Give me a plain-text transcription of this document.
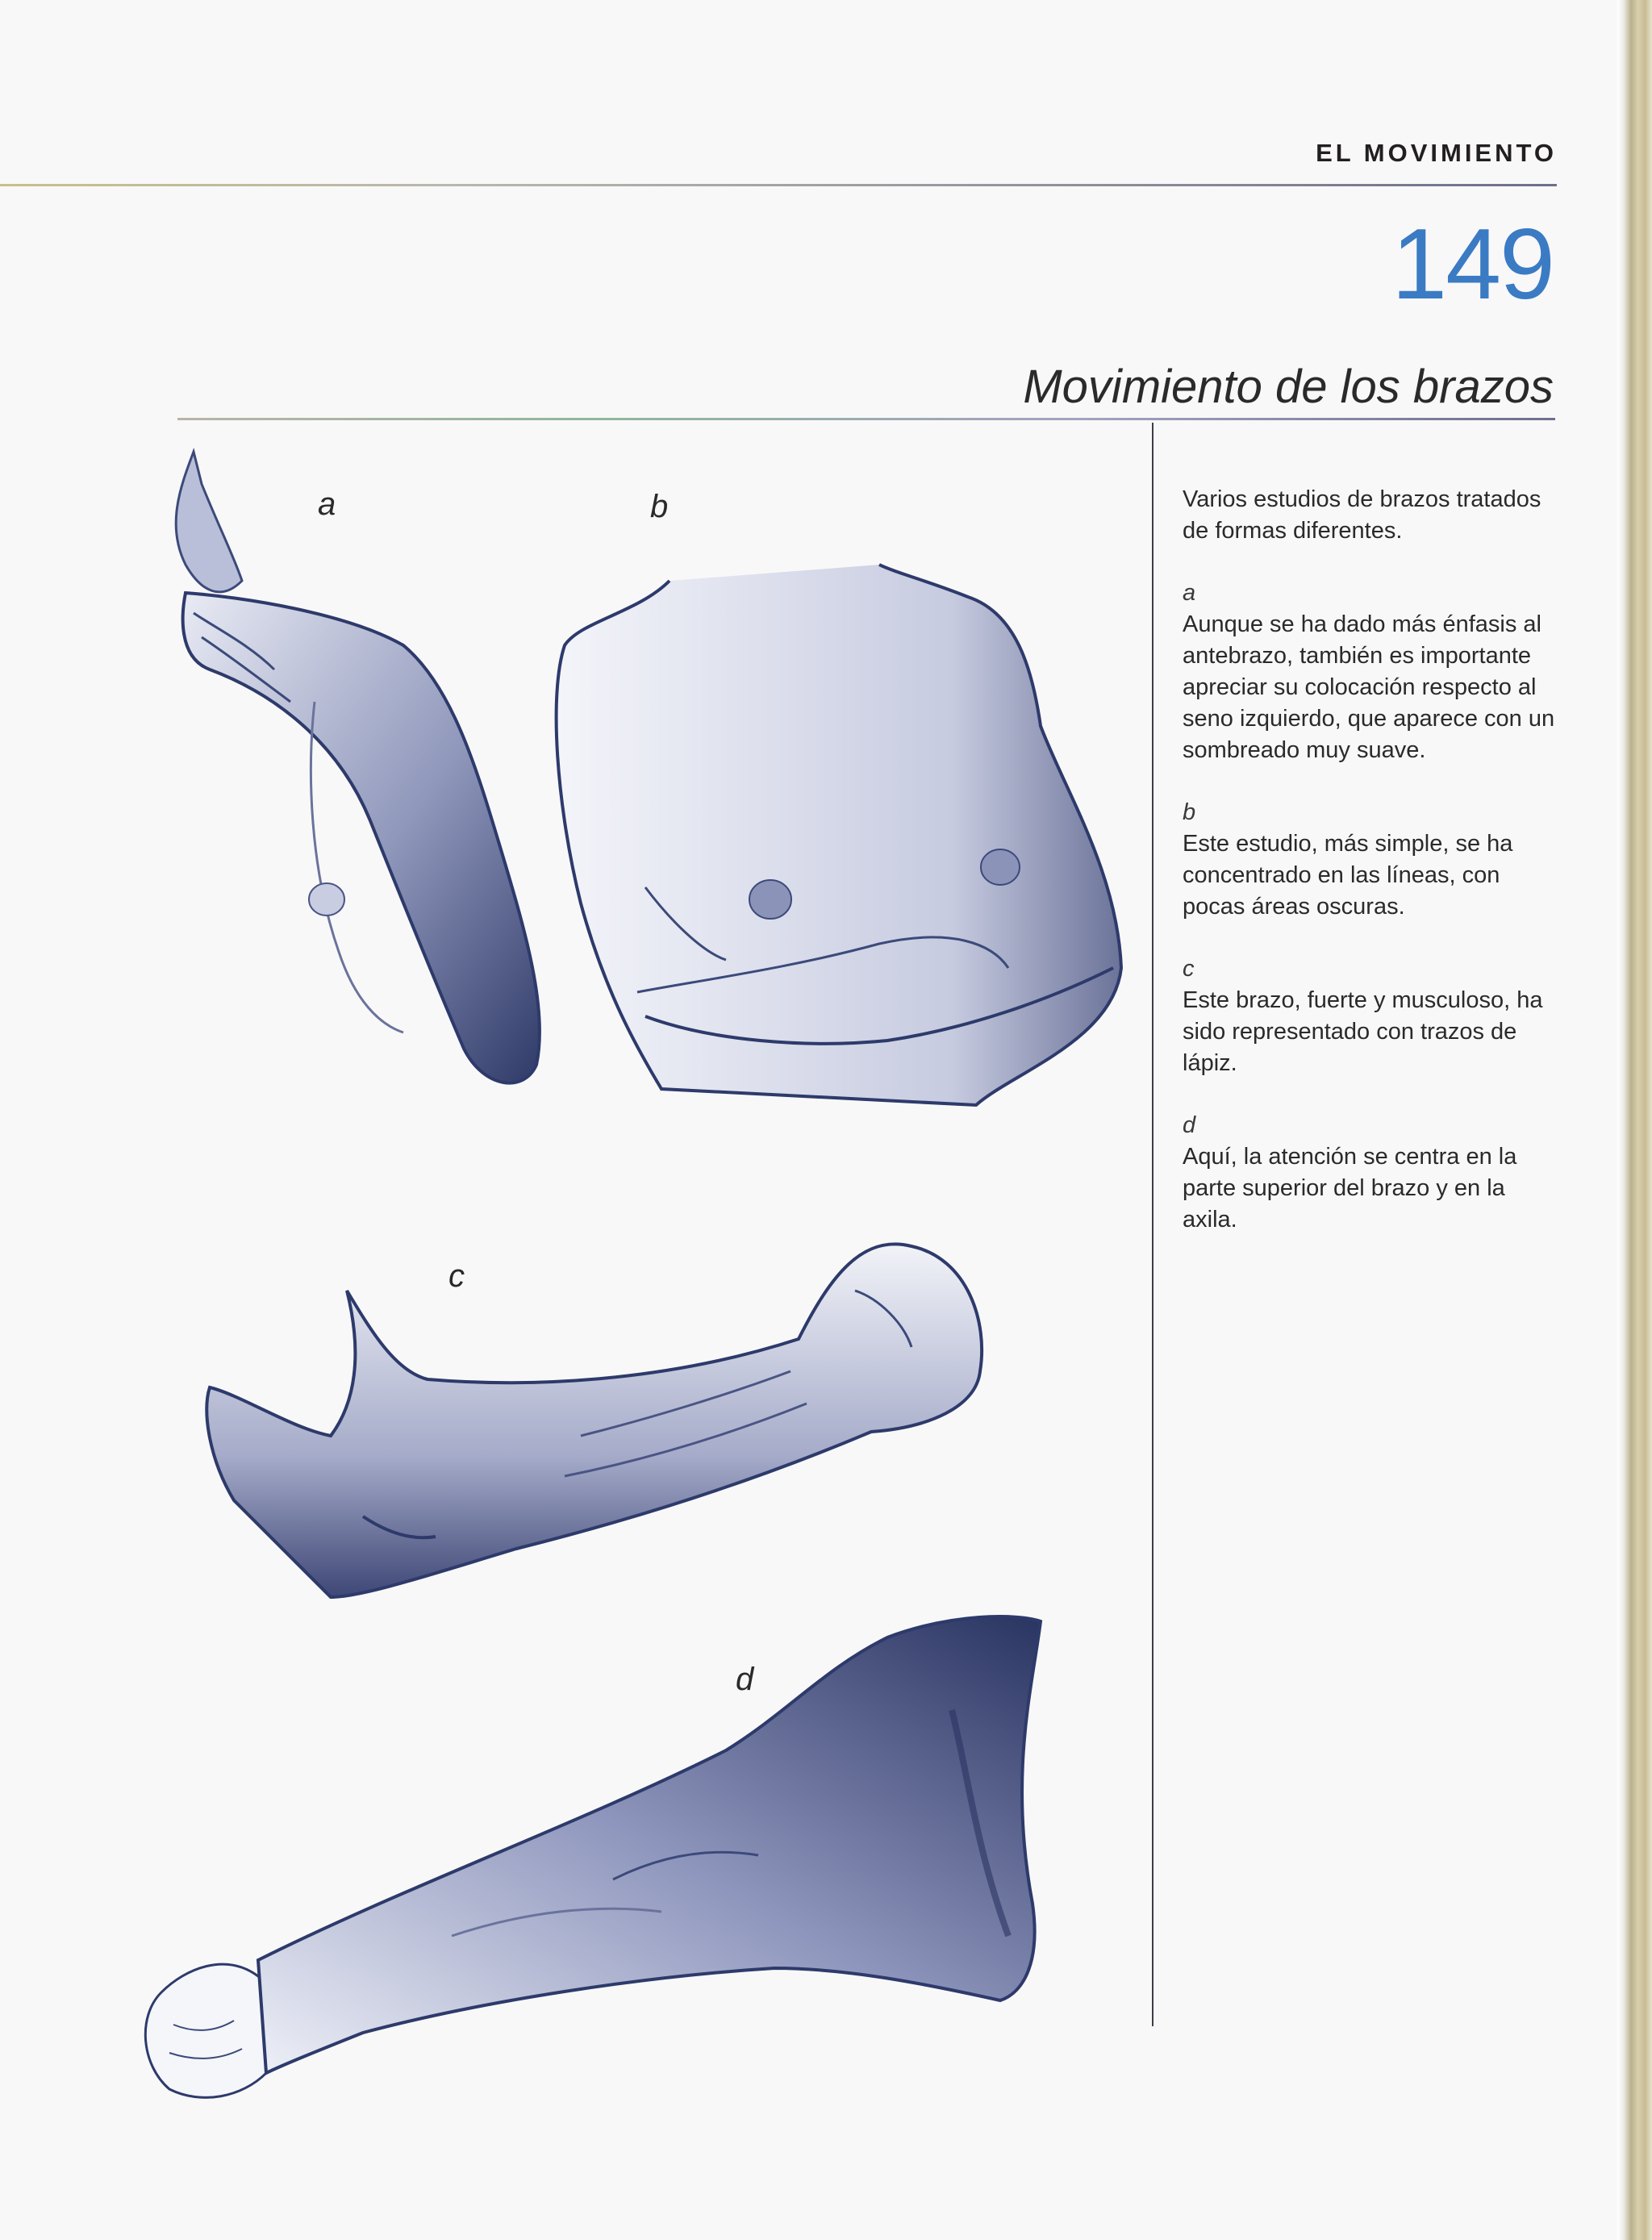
EL MOVIMIENTO
149
Movimiento de los brazos
a	b
c
d

Varios estudios de brazos tratados de formas diferentes.

a
Aunque se ha dado más énfasis al antebrazo, también es importante apreciar su colocación respecto al seno izquierdo, que aparece con un sombreado muy suave.
b
Este estudio, más simple, se ha concentrado en las líneas, con pocas áreas oscuras.
c
Este brazo, fuerte y musculoso, ha sido representado con trazos de lápiz.
d
Aquí, la atención se centra en la parte superior del brazo y en la axila.
